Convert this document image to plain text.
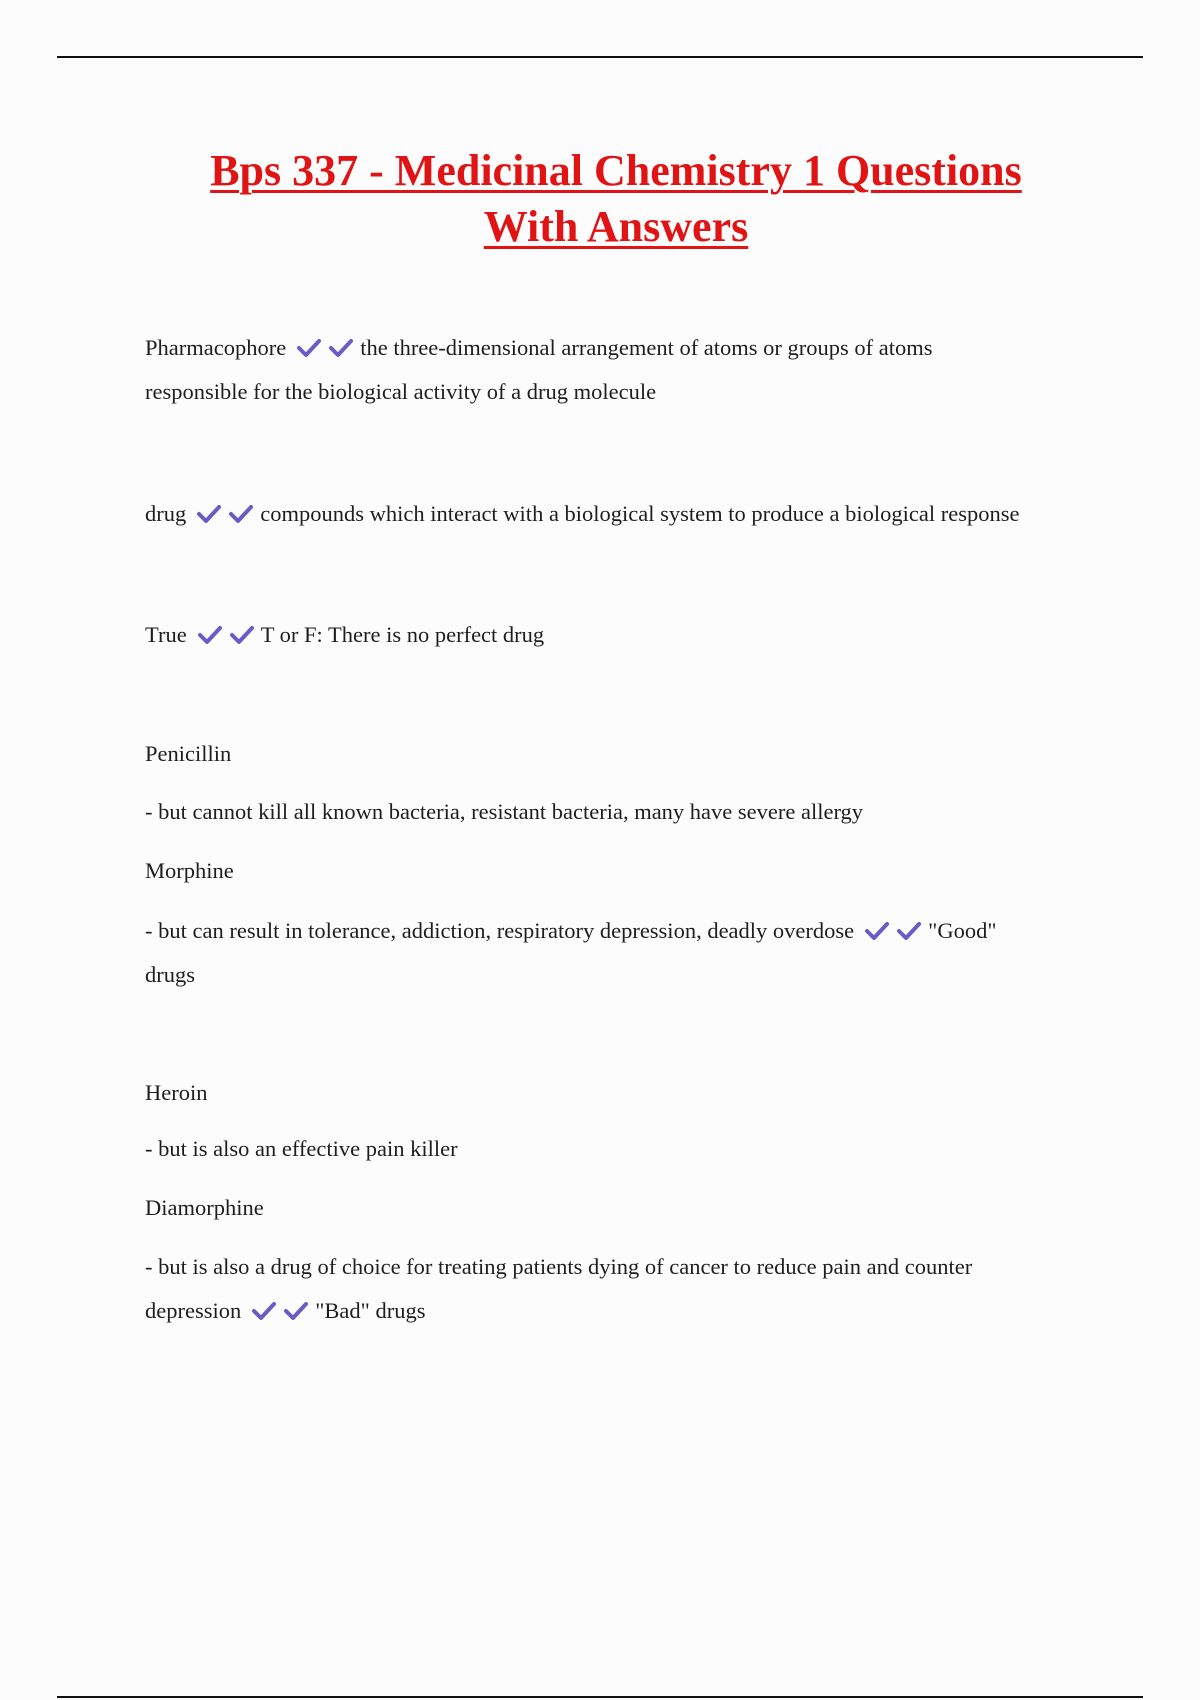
Bps 337 - Medicinal Chemistry 1 Questions
With Answers

Pharmacophore	the three-dimensional arrangement of atoms or groups of atoms
responsible for the biological activity of a drug molecule

drug	compounds which interact with a biological system to produce a biological response

True	T or F: There is no perfect drug

Penicillin

- but cannot kill all known bacteria, resistant bacteria, many have severe allergy

Morphine

- but can result in tolerance, addiction, respiratory depression, deadly overdose	"Good"
drugs

Heroin

- but is also an effective pain killer

Diamorphine

- but is also a drug of choice for treating patients dying of cancer to reduce pain and counter
depression	"Bad" drugs
